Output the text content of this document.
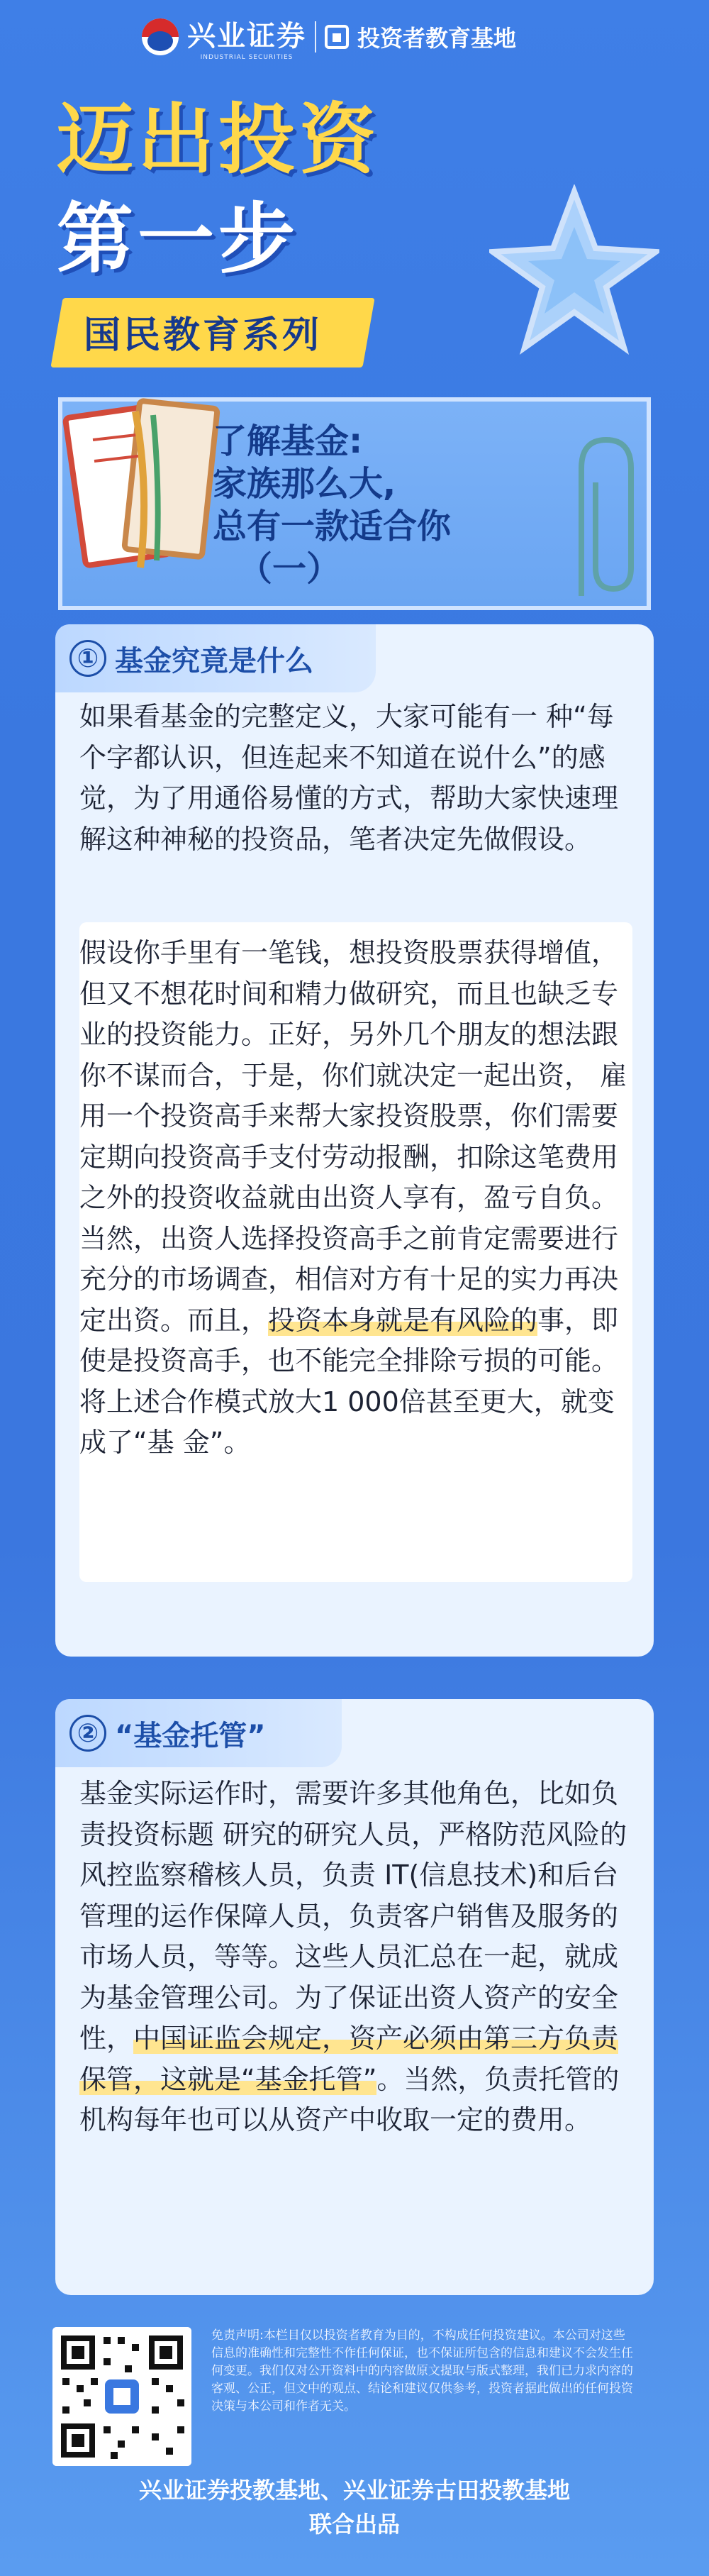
兴业证券
INDUSTRIAL SECURITIES
投资者教育基地
迈出投资
第一步
国民教育系列
了解基金:
家族那么大,
总有一款适合你
（一）
① 基金究竟是什么
如果看基金的完整定义，大家可能有一 种“每个字都认识，但连起来不知道在说什么”的感觉，为了用通俗易懂的方式，帮助大家快速理解这种神秘的投资品，笔者决定先做假设。
假设你手里有一笔钱，想投资股票获得增值，但又不想花时间和精力做研究，而且也缺乏专业的投资能力。正好，另外几个朋友的想法跟你不谋而合，于是，你们就决定一起出资， 雇用一个投资高手来帮大家投资股票，你们需要定期向投资高手支付劳动报酬，扣除这笔费用之外的投资收益就由出资人享有，盈亏自负。当然，出资人选择投资高手之前肯定需要进行充分的市场调查，相信对方有十足的实力再决定出资。而且，投资本身就是有风险的事，即使是投资高手，也不能完全排除亏损的可能。将上述合作模式放大1 000倍甚至更大，就变成了“基 金”。
② “基金托管”
基金实际运作时，需要许多其他角色，比如负责投资标题 研究的研究人员，严格防范风险的风控监察稽核人员，负责 IT(信息技术)和后台管理的运作保障人员，负责客户销售及服务的市场人员，等等。这些人员汇总在一起，就成为基金管理公司。为了保证出资人资产的安全性，中国证监会规定，资产必须由第三方负责保管，这就是“基金托管”。当然，负责托管的机构每年也可以从资产中收取一定的费用。
免责声明:本栏目仅以投资者教育为目的，不构成任何投资建议。本公司对这些信息的准确性和完整性不作任何保证，也不保证所包含的信息和建议不会发生任何变更。我们仅对公开资料中的内容做原文提取与版式整理，我们已力求内容的客观、公正，但文中的观点、结论和建议仅供参考，投资者据此做出的任何投资决策与本公司和作者无关。
兴业证券投教基地、兴业证券古田投教基地
联合出品
